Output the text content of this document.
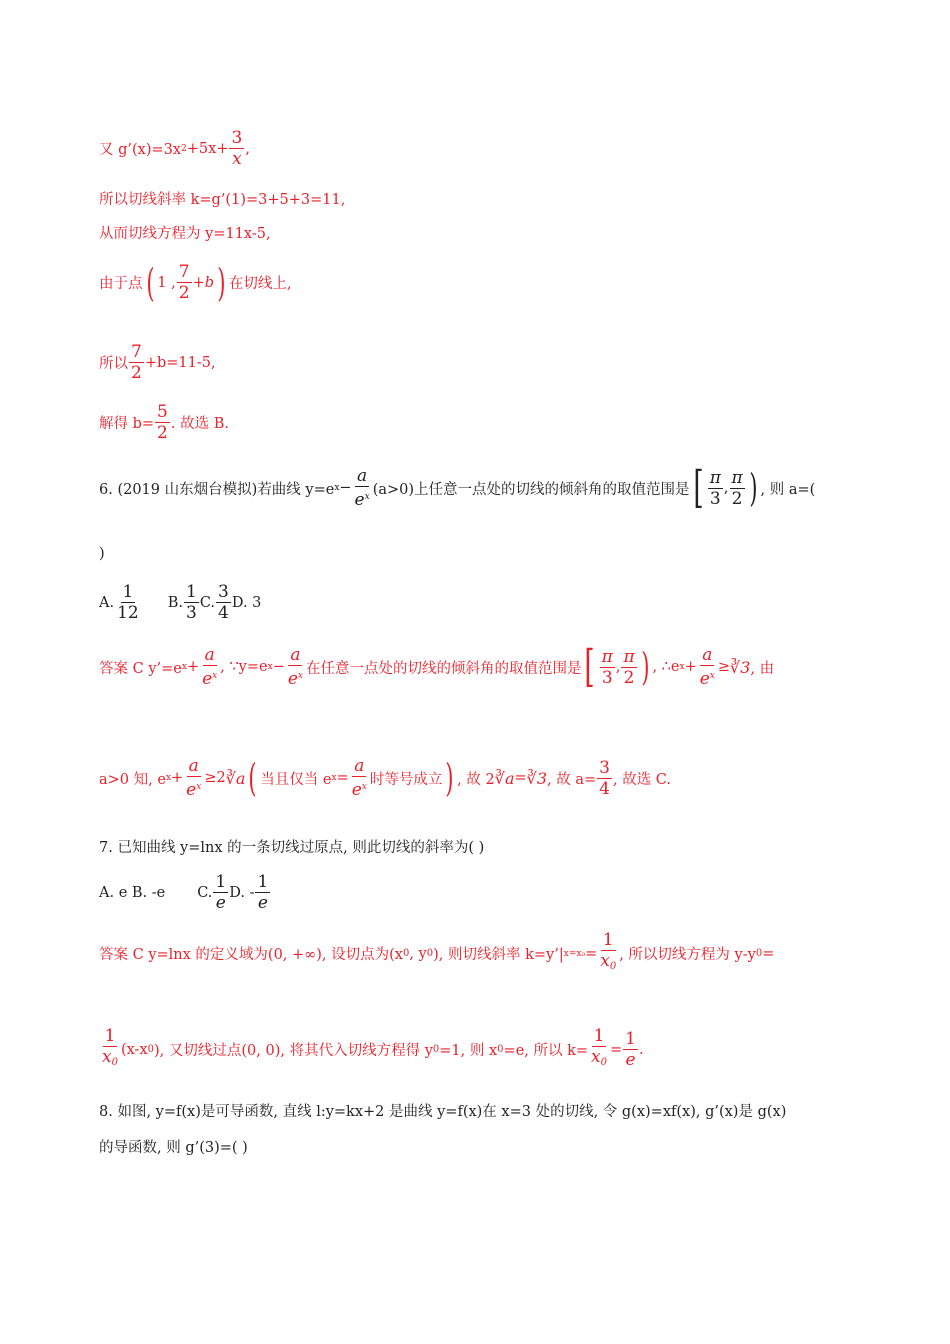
又 g’(x)=3x $2 +5x+ \frac{3}{x}$ ,
所以切线斜率 k=g’(1)=3+5+3=11,
从而切线方程为 y=11x-5,
由于点 ( 1 , $\frac{7}{2} +b$ ) 在切线上,
所以 $\frac{7}{2} +b=11-5$,
解得 $b= \frac{5}{2}$ . 故选 B.
6. (2019 山东烟台模拟)若曲线 y=e $x - \frac{a}{e^x} (a>0)$上任意一点处的切线的倾斜角的取值范围是 [ $\frac{\pi}{3}$ , $\frac{\pi}{2}$ ) , 则 a=(
)
A. $\frac{1}{12} B$. $\frac{1}{3} C$. $\frac{3}{4} D$. 3
答案 C y’=e $x + \frac{a}{e^x}$ , ∵y=e $x - \frac{a}{e^x}$ 在任意一点处的切线的倾斜角的取值范围是 [ $\frac{\pi}{3}$ , $\frac{\pi}{2}$ ) , ∴e $x + \frac{a}{e^x}$ ≥ ∛3 , 由
a>0 知, e $x + \frac{a}{e^x} \ge 2$ ∛a ( 当且仅当 e $x = \frac{a}{e^x}$ 时等号成立 ) , 故 2 ∛a = ∛3 , 故 $a= \frac{3}{4}$ , 故选 C.
7. 已知曲线 y=lnx 的一条切线过原点, 则此切线的斜率为( )
A. e B. -e C. $\frac{1}{e} D$. - $\frac{1}{e}$
答案 C y=lnx 的定义域为(0, +∞), 设切点为(x 0 , y 0 ), 则切线斜率 k=y’| $x=x_0 = \frac{1}{x_0}$ , 所以切线方程为 y-y 0 =
$\frac{1}{x_0} (x-x$ 0 ), 又切线过点(0, 0), 将其代入切线方程得 y 0 =1, 则 x 0 =e, 所以 $k= \frac{1}{x_0} = \frac{1}{e}$ .
8. 如图, y=f(x)是可导函数, 直线 l:y=kx+2 是曲线 y=f(x)在 x=3 处的切线, 令 g(x)=xf(x), g’(x)是 g(x)
的导函数, 则 g’(3)=( )
